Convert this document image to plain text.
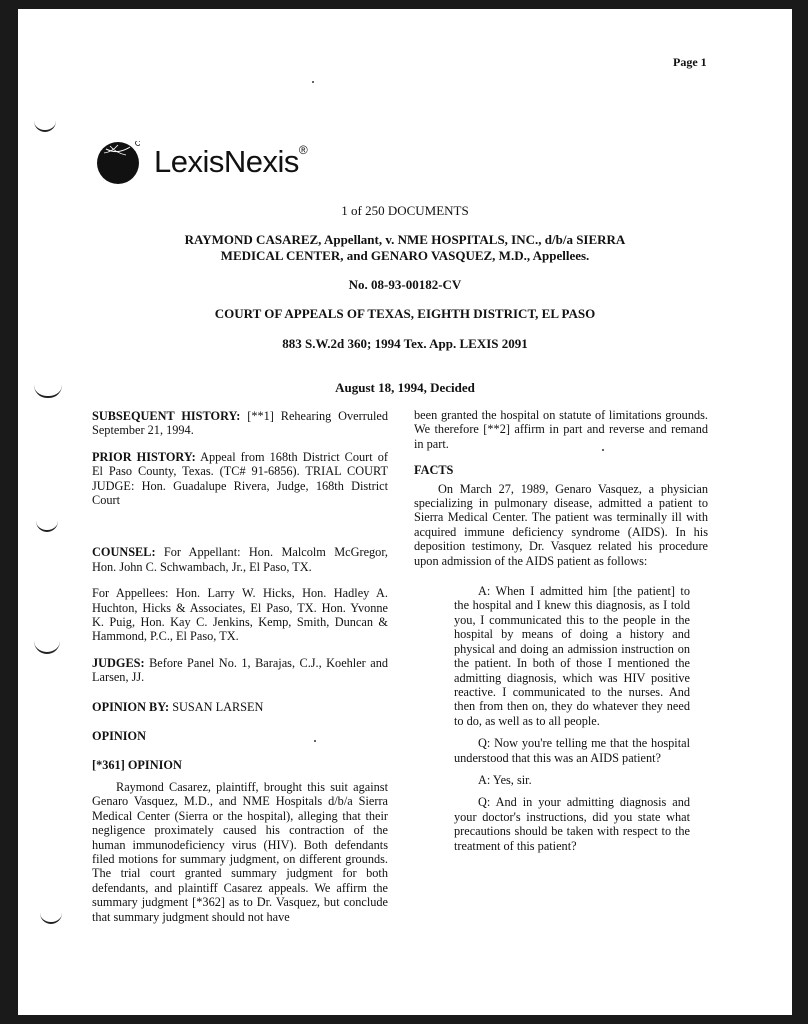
Page 1
LexisNexis®
1 of 250 DOCUMENTS
RAYMOND CASAREZ, Appellant, v. NME HOSPITALS, INC., d/b/a SIERRA
MEDICAL CENTER, and GENARO VASQUEZ, M.D., Appellees.
No. 08-93-00182-CV
COURT OF APPEALS OF TEXAS, EIGHTH DISTRICT, EL PASO
883 S.W.2d 360; 1994 Tex. App. LEXIS 2091
August 18, 1994, Decided

SUBSEQUENT HISTORY: [**1] Rehearing Overruled September 21, 1994.

PRIOR HISTORY: Appeal from 168th District Court of El Paso County, Texas. (TC# 91-6856). TRIAL COURT JUDGE: Hon. Guadalupe Rivera, Judge, 168th District Court

COUNSEL: For Appellant: Hon. Malcolm McGregor, Hon. John C. Schwambach, Jr., El Paso, TX.

For Appellees: Hon. Larry W. Hicks, Hon. Hadley A. Huchton, Hicks & Associates, El Paso, TX. Hon. Yvonne K. Puig, Hon. Kay C. Jenkins, Kemp, Smith, Duncan & Hammond, P.C., El Paso, TX.

JUDGES: Before Panel No. 1, Barajas, C.J., Koehler and Larsen, JJ.

OPINION BY: SUSAN LARSEN

OPINION

[*361] OPINION

Raymond Casarez, plaintiff, brought this suit against Genaro Vasquez, M.D., and NME Hospitals d/b/a Sierra Medical Center (Sierra or the hospital), alleging that their negligence proximately caused his contraction of the human immunodeficiency virus (HIV). Both defendants filed motions for summary judgment, on different grounds. The trial court granted summary judgment for both defendants, and plaintiff Casarez appeals. We affirm the summary judgment [*362] as to Dr. Vasquez, but conclude that summary judgment should not have

been granted the hospital on statute of limitations grounds. We therefore [**2] affirm in part and reverse and remand in part.

FACTS

On March 27, 1989, Genaro Vasquez, a physician specializing in pulmonary disease, admitted a patient to Sierra Medical Center. The patient was terminally ill with acquired immune deficiency syndrome (AIDS). In his deposition testimony, Dr. Vasquez related his procedure upon admission of the AIDS patient as follows:

A: When I admitted him [the patient] to the hospital and I knew this diagnosis, as I told you, I communicated this to the people in the hospital by means of doing a history and physical and doing an admission instruction on the patient. In both of those I mentioned the admitting diagnosis, which was HIV positive reactive. I communicated to the nurses. And then from then on, they do whatever they need to do, as well as to all people.

Q: Now you're telling me that the hospital understood that this was an AIDS patient?

A: Yes, sir.

Q: And in your admitting diagnosis and your doctor's instructions, did you state what precautions should be taken with respect to the treatment of this patient?
